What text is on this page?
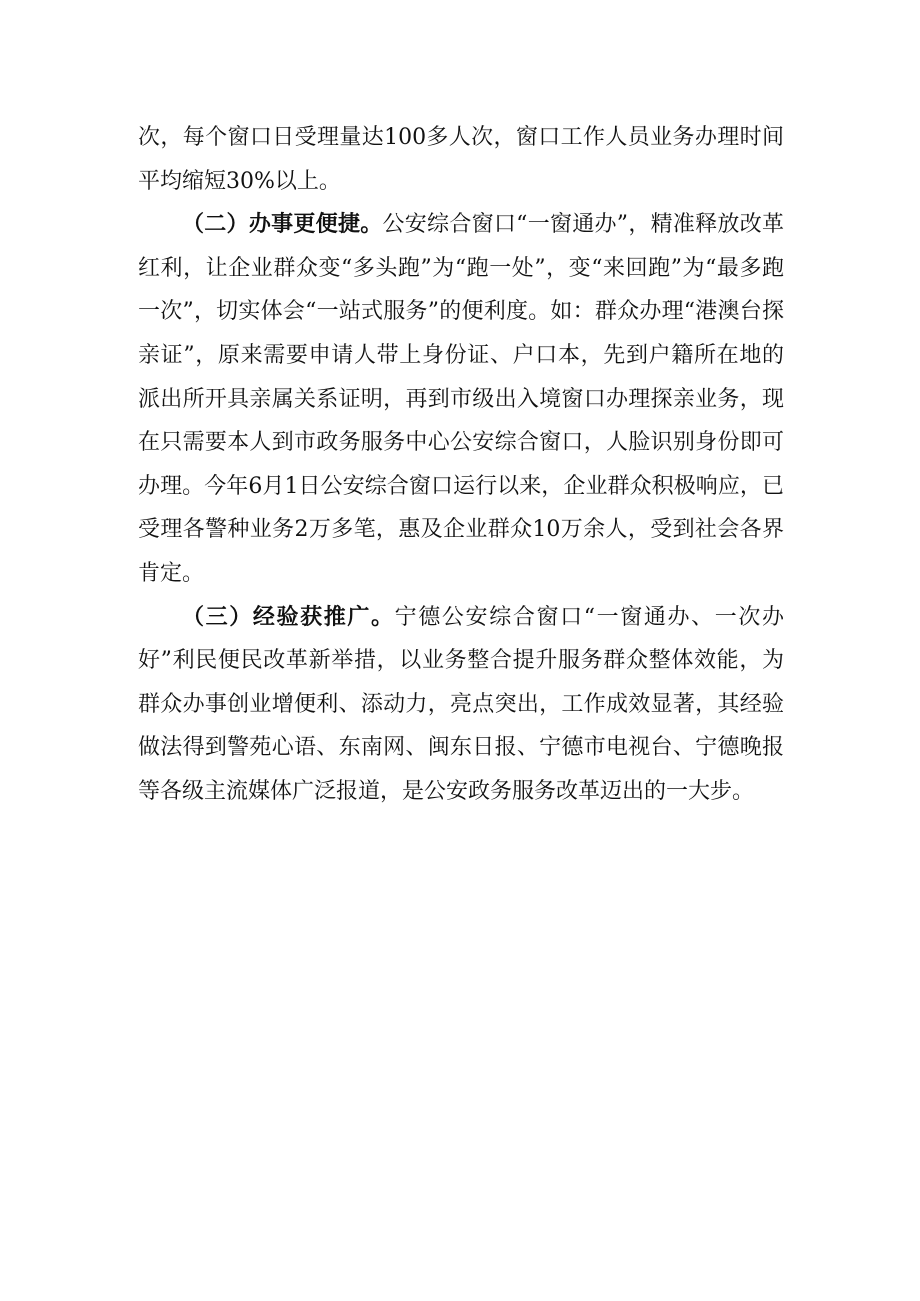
次，每个窗口日受理量达100多人次，窗口工作人员业务办理时间平均缩短30%以上。

（二）办事更便捷。公安综合窗口“一窗通办”，精准释放改革红利，让企业群众变“多头跑”为“跑一处”，变“来回跑”为“最多跑一次”，切实体会“一站式服务”的便利度。如：群众办理“港澳台探亲证”，原来需要申请人带上身份证、户口本，先到户籍所在地的派出所开具亲属关系证明，再到市级出入境窗口办理探亲业务，现在只需要本人到市政务服务中心公安综合窗口，人脸识别身份即可办理。今年6月1日公安综合窗口运行以来，企业群众积极响应，已受理各警种业务2万多笔，惠及企业群众10万余人，受到社会各界肯定。

（三）经验获推广。宁德公安综合窗口“一窗通办、一次办好”利民便民改革新举措，以业务整合提升服务群众整体效能，为群众办事创业增便利、添动力，亮点突出，工作成效显著，其经验做法得到警苑心语、东南网、闽东日报、宁德市电视台、宁德晚报等各级主流媒体广泛报道，是公安政务服务改革迈出的一大步。
